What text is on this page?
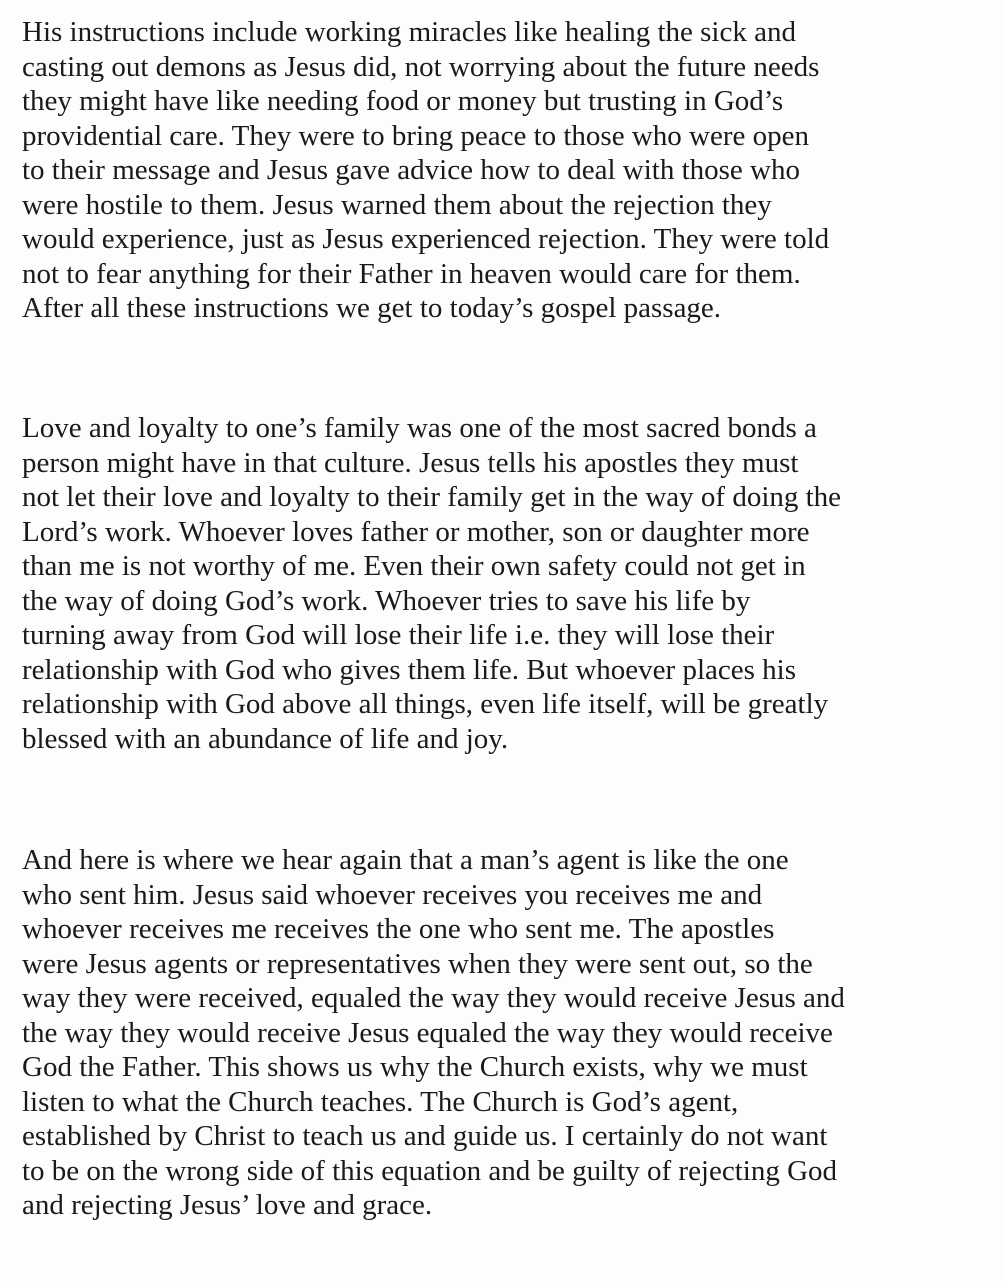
His instructions include working miracles like healing the sick and
casting out demons as Jesus did, not worrying about the future needs
they might have like needing food or money but trusting in God’s
providential care. They were to bring peace to those who were open
to their message and Jesus gave advice how to deal with those who
were hostile to them. Jesus warned them about the rejection they
would experience, just as Jesus experienced rejection. They were told
not to fear anything for their Father in heaven would care for them.
After all these instructions we get to today’s gospel passage.

Love and loyalty to one’s family was one of the most sacred bonds a
person might have in that culture. Jesus tells his apostles they must
not let their love and loyalty to their family get in the way of doing the
Lord’s work. Whoever loves father or mother, son or daughter more
than me is not worthy of me. Even their own safety could not get in
the way of doing God’s work. Whoever tries to save his life by
turning away from God will lose their life i.e. they will lose their
relationship with God who gives them life. But whoever places his
relationship with God above all things, even life itself, will be greatly
blessed with an abundance of life and joy.

And here is where we hear again that a man’s agent is like the one
who sent him. Jesus said whoever receives you receives me and
whoever receives me receives the one who sent me. The apostles
were Jesus agents or representatives when they were sent out, so the
way they were received, equaled the way they would receive Jesus and
the way they would receive Jesus equaled the way they would receive
God the Father. This shows us why the Church exists, why we must
listen to what the Church teaches. The Church is God’s agent,
established by Christ to teach us and guide us. I certainly do not want
to be on the wrong side of this equation and be guilty of rejecting God
and rejecting Jesus’ love and grace.
